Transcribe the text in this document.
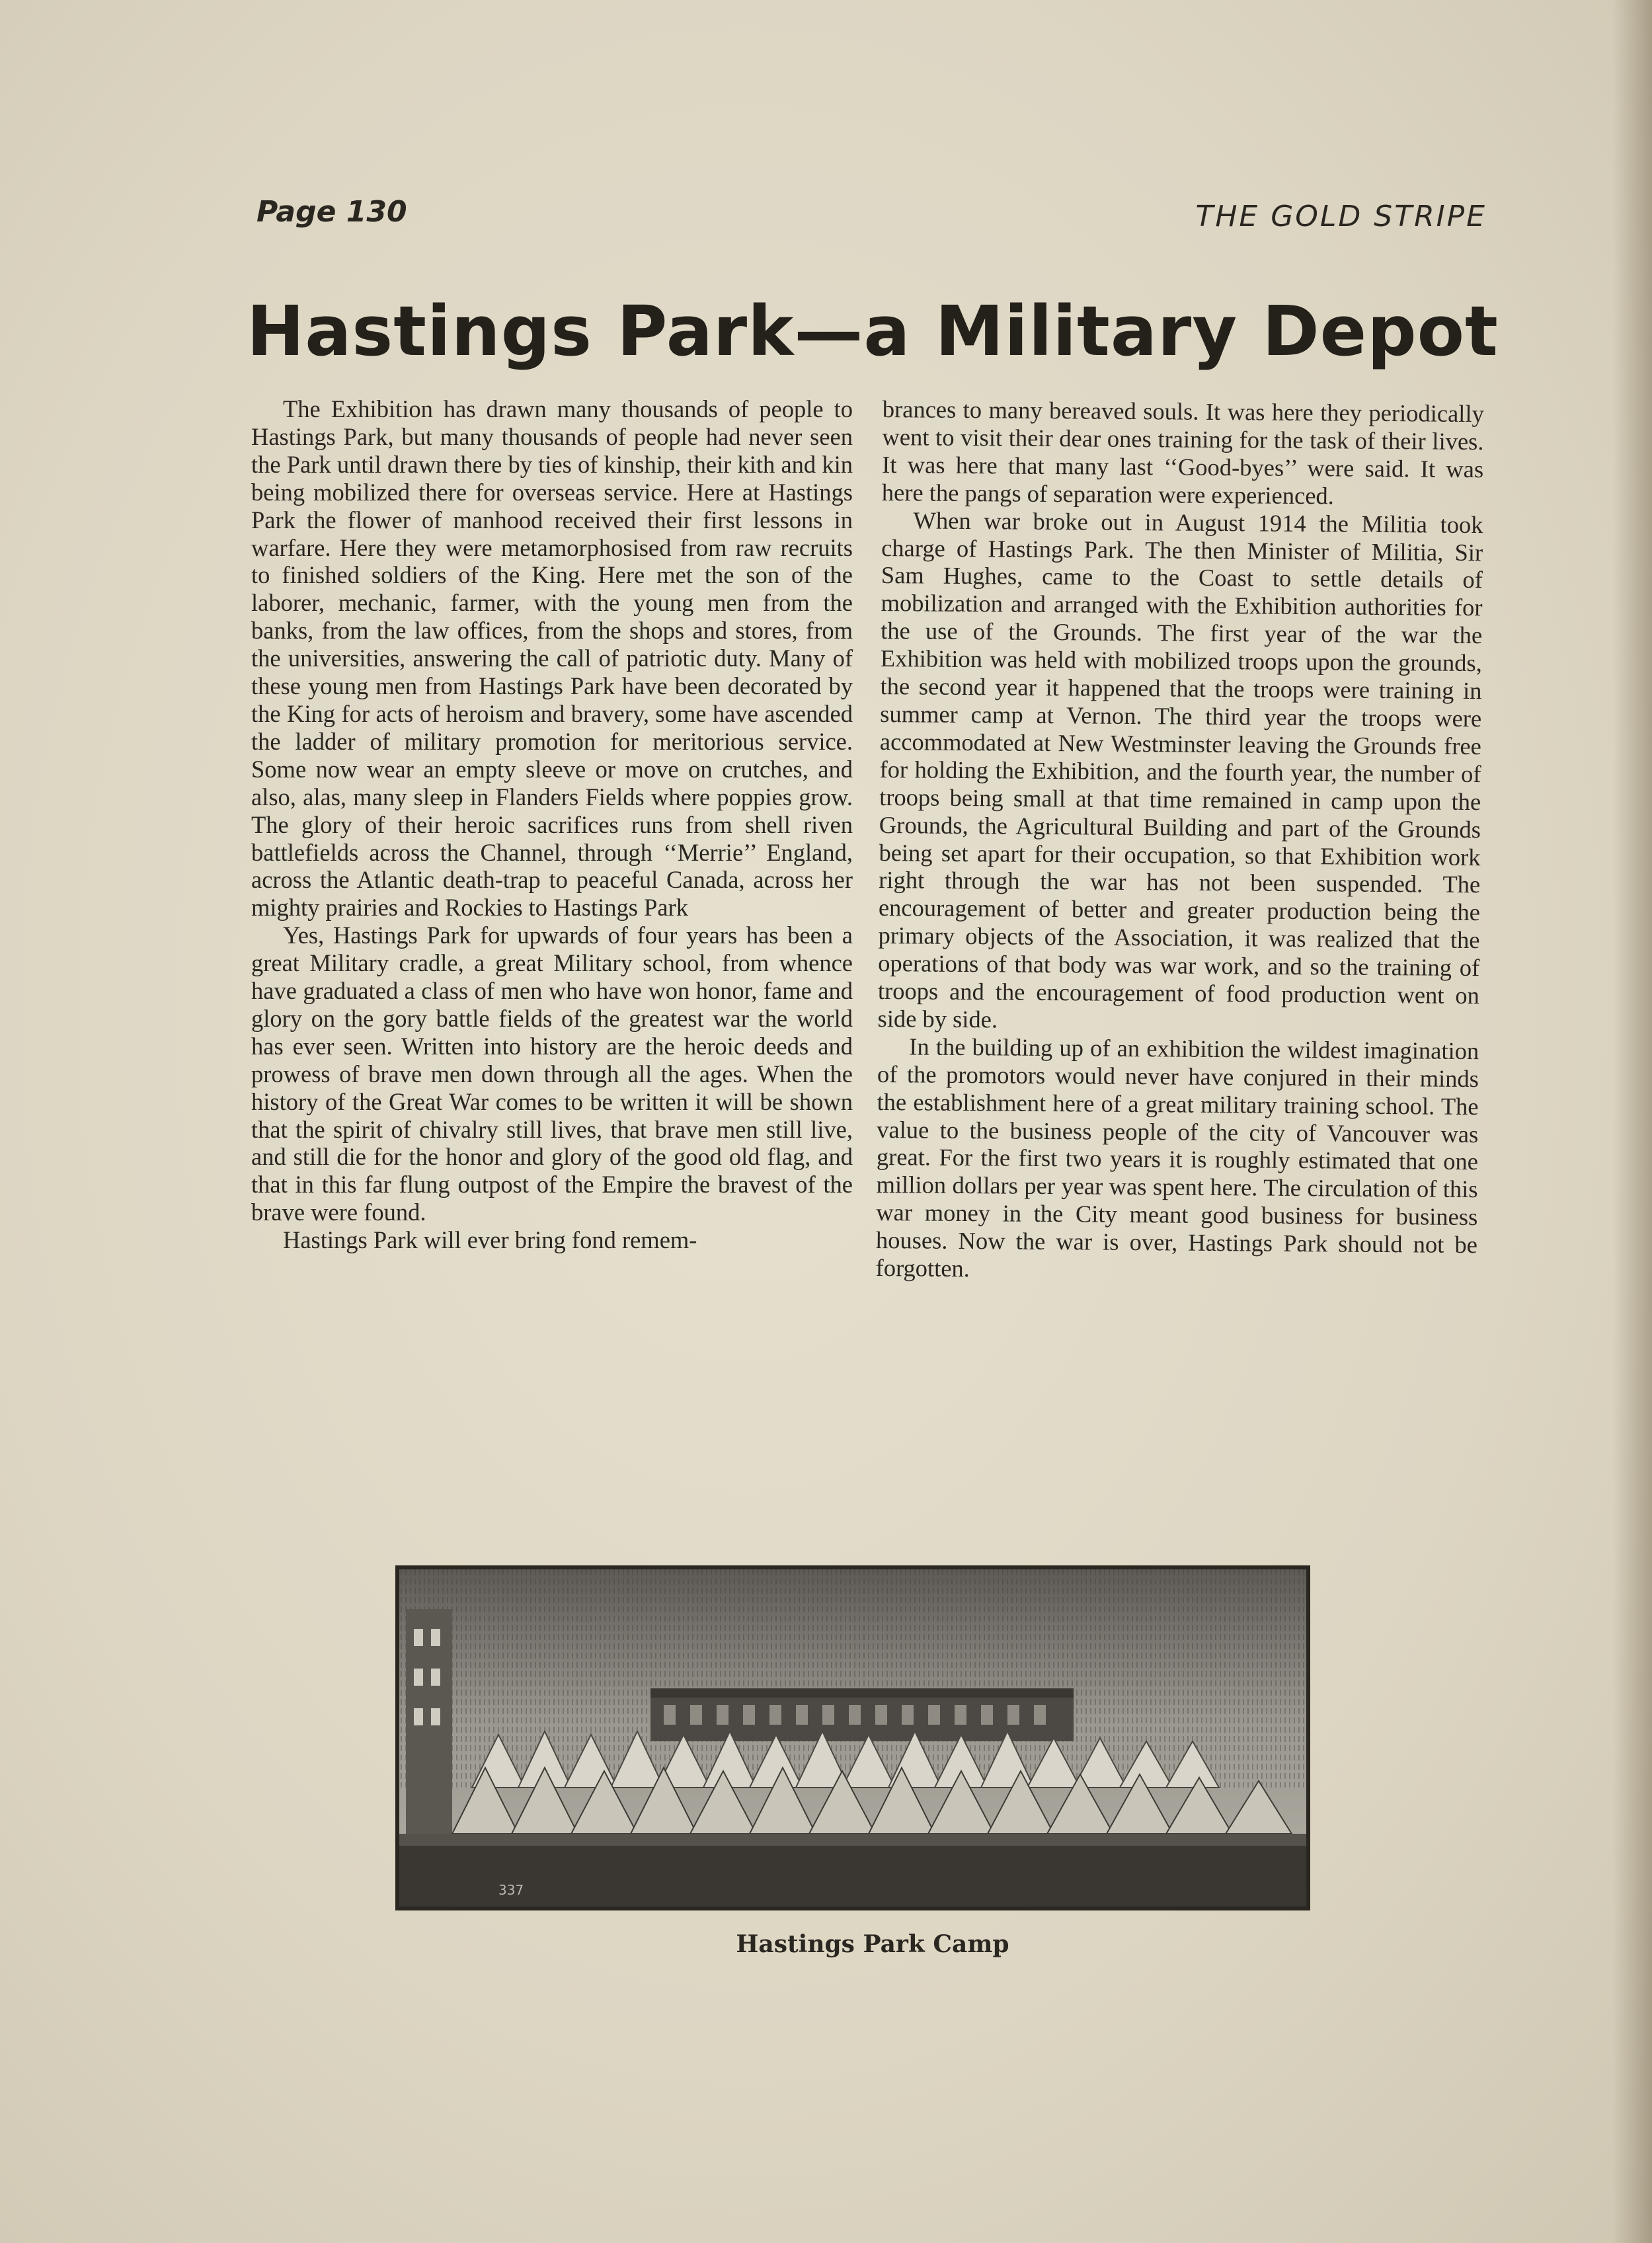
Page 130	THE GOLD STRIPE
Hastings Park—a Military Depot

The Exhibition has drawn many thousands of people to Hastings Park, but many thousands of people had never seen the Park until drawn there by ties of kinship, their kith and kin being mobilized there for overseas service. Here at Hastings Park the flower of manhood received their first lessons in warfare. Here they were metamorphosised from raw recruits to finished soldiers of the King. Here met the son of the laborer, mechanic, farmer, with the young men from the banks, from the law offices, from the shops and stores, from the universities, answering the call of patriotic duty. Many of these young men from Hastings Park have been decorated by the King for acts of heroism and bravery, some have ascended the ladder of military promotion for meritorious service. Some now wear an empty sleeve or move on crutches, and also, alas, many sleep in Flanders Fields where poppies grow. The glory of their heroic sacrifices runs from shell riven battlefields across the Channel, through ‘‘Merrie’’ England, across the Atlantic death-trap to peaceful Canada, across her mighty prairies and Rockies to Hastings Park

Yes, Hastings Park for upwards of four years has been a great Military cradle, a great Military school, from whence have graduated a class of men who have won honor, fame and glory on the gory battle fields of the greatest war the world has ever seen. Written into history are the heroic deeds and prowess of brave men down through all the ages. When the history of the Great War comes to be written it will be shown that the spirit of chivalry still lives, that brave men still live, and still die for the honor and glory of the good old flag, and that in this far flung outpost of the Empire the bravest of the brave were found.

Hastings Park will ever bring fond remem-

brances to many bereaved souls. It was here they periodically went to visit their dear ones training for the task of their lives. It was here that many last ‘‘Good-byes’’ were said. It was here the pangs of separation were experienced.

When war broke out in August 1914 the Militia took charge of Hastings Park. The then Minister of Militia, Sir Sam Hughes, came to the Coast to settle details of mobilization and arranged with the Exhibition authorities for the use of the Grounds. The first year of the war the Exhibition was held with mobilized troops upon the grounds, the second year it happened that the troops were training in summer camp at Vernon. The third year the troops were accommodated at New Westminster leaving the Grounds free for holding the Exhibition, and the fourth year, the number of troops being small at that time remained in camp upon the Grounds, the Agricultural Building and part of the Grounds being set apart for their occupation, so that Exhibition work right through the war has not been suspended. The encouragement of better and greater production being the primary objects of the Association, it was realized that the operations of that body was war work, and so the training of troops and the encouragement of food production went on side by side.

In the building up of an exhibition the wildest imagination of the promotors would never have conjured in their minds the establishment here of a great military training school. The value to the business people of the city of Vancouver was great. For the first two years it is roughly estimated that one million dollars per year was spent here. The circulation of this war money in the City meant good business for business houses. Now the war is over, Hastings Park should not be forgotten.

337
Hastings Park Camp
